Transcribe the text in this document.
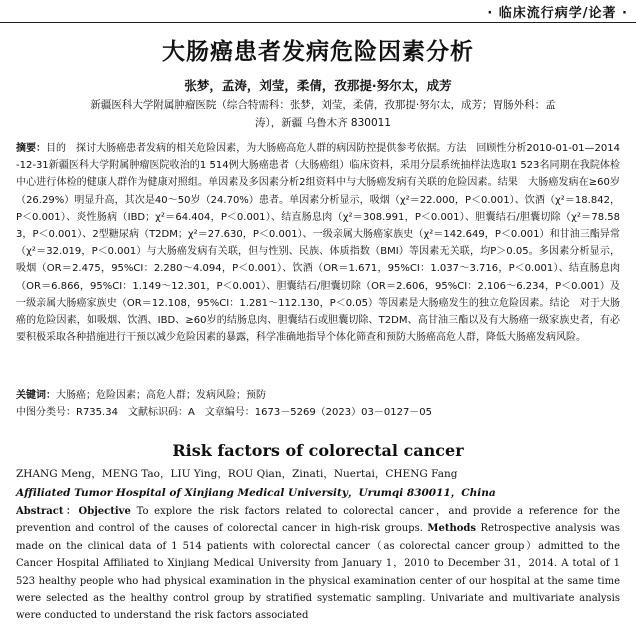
· 临床流行病学/论著 ·
大肠癌患者发病危险因素分析
张梦，孟涛，刘莹，柔倩，孜那提·努尔太，成芳
新疆医科大学附属肿瘤医院（综合特需科：张梦，刘莹，柔倩，孜那提·努尔太，成芳；胃肠外科：孟涛），新疆 乌鲁木齐 830011
摘要：目的　探讨大肠癌患者发病的相关危险因素，为大肠癌高危人群的病因防控提供参考依据。方法　回顾性分析2010-01-01—2014-12-31新疆医科大学附属肿瘤医院收治的1 514例大肠癌患者（大肠癌组）临床资料，采用分层系统抽样法选取1 523名同期在我院体检中心进行体检的健康人群作为健康对照组。单因素及多因素分析2组资料中与大肠癌发病有关联的危险因素。结果　大肠癌发病在≥60岁（26.29%）明显升高，其次是40～50岁（24.70%）患者。单因素分析显示，吸烟（χ²＝22.000，P＜0.001）、饮酒（χ²＝18.842，P＜0.001）、炎性肠病（IBD；χ²＝64.404，P＜0.001）、结直肠息肉（χ²＝308.991，P＜0.001）、胆囊结石/胆囊切除（χ²＝78.583，P＜0.001）、2型糖尿病（T2DM；χ²＝27.630，P＜0.001）、一级亲属大肠癌家族史（χ²＝142.649，P＜0.001）和甘油三酯异常（χ²＝32.019，P＜0.001）与大肠癌发病有关联，但与性别、民族、体质指数（BMI）等因素无关联，均P＞0.05。多因素分析显示，吸烟（OR＝2.475，95%CI：2.280～4.094，P＜0.001）、饮酒（OR＝1.671，95%CI：1.037～3.716，P＜0.001）、结直肠息肉（OR＝6.866，95%CI：1.149～12.301，P＜0.001）、胆囊结石/胆囊切除（OR＝2.606，95%CI：2.106～6.234，P＜0.001）及一级亲属大肠癌家族史（OR＝12.108，95%CI：1.281～112.130，P＜0.05）等因素是大肠癌发生的独立危险因素。结论　对于大肠癌的危险因素，如吸烟、饮酒、IBD、≥60岁的结肠息肉、胆囊结石或胆囊切除、T2DM、高甘油三酯以及有大肠癌一级家族史者，有必要积极采取各种措施进行干预以减少危险因素的暴露，科学准确地指导个体化筛查和预防大肠癌高危人群，降低大肠癌发病风险。
关键词：大肠癌；危险因素；高危人群；发病风险；预防
中图分类号：R735.34　文献标识码：A　文章编号：1673－5269（2023）03－0127－05
Risk factors of colorectal cancer
ZHANG Meng，MENG Tao，LIU Ying，ROU Qian，Zinati，Nuertai，CHENG Fang
Affiliated Tumor Hospital of Xinjiang Medical University，Urumqi 830011，China
Abstract：Objective To explore the risk factors related to colorectal cancer，and provide a reference for the prevention and control of the causes of colorectal cancer in high-risk groups. Methods Retrospective analysis was made on the clinical data of 1 514 patients with colorectal cancer（as colorectal cancer group）admitted to the Cancer Hospital Affiliated to Xinjiang Medical University from January 1，2010 to December 31，2014. A total of 1 523 healthy people who had physical examination in the physical examination center of our hospital at the same time were selected as the healthy control group by stratified systematic sampling. Univariate and multivariate analysis were conducted to understand the risk factors associated
